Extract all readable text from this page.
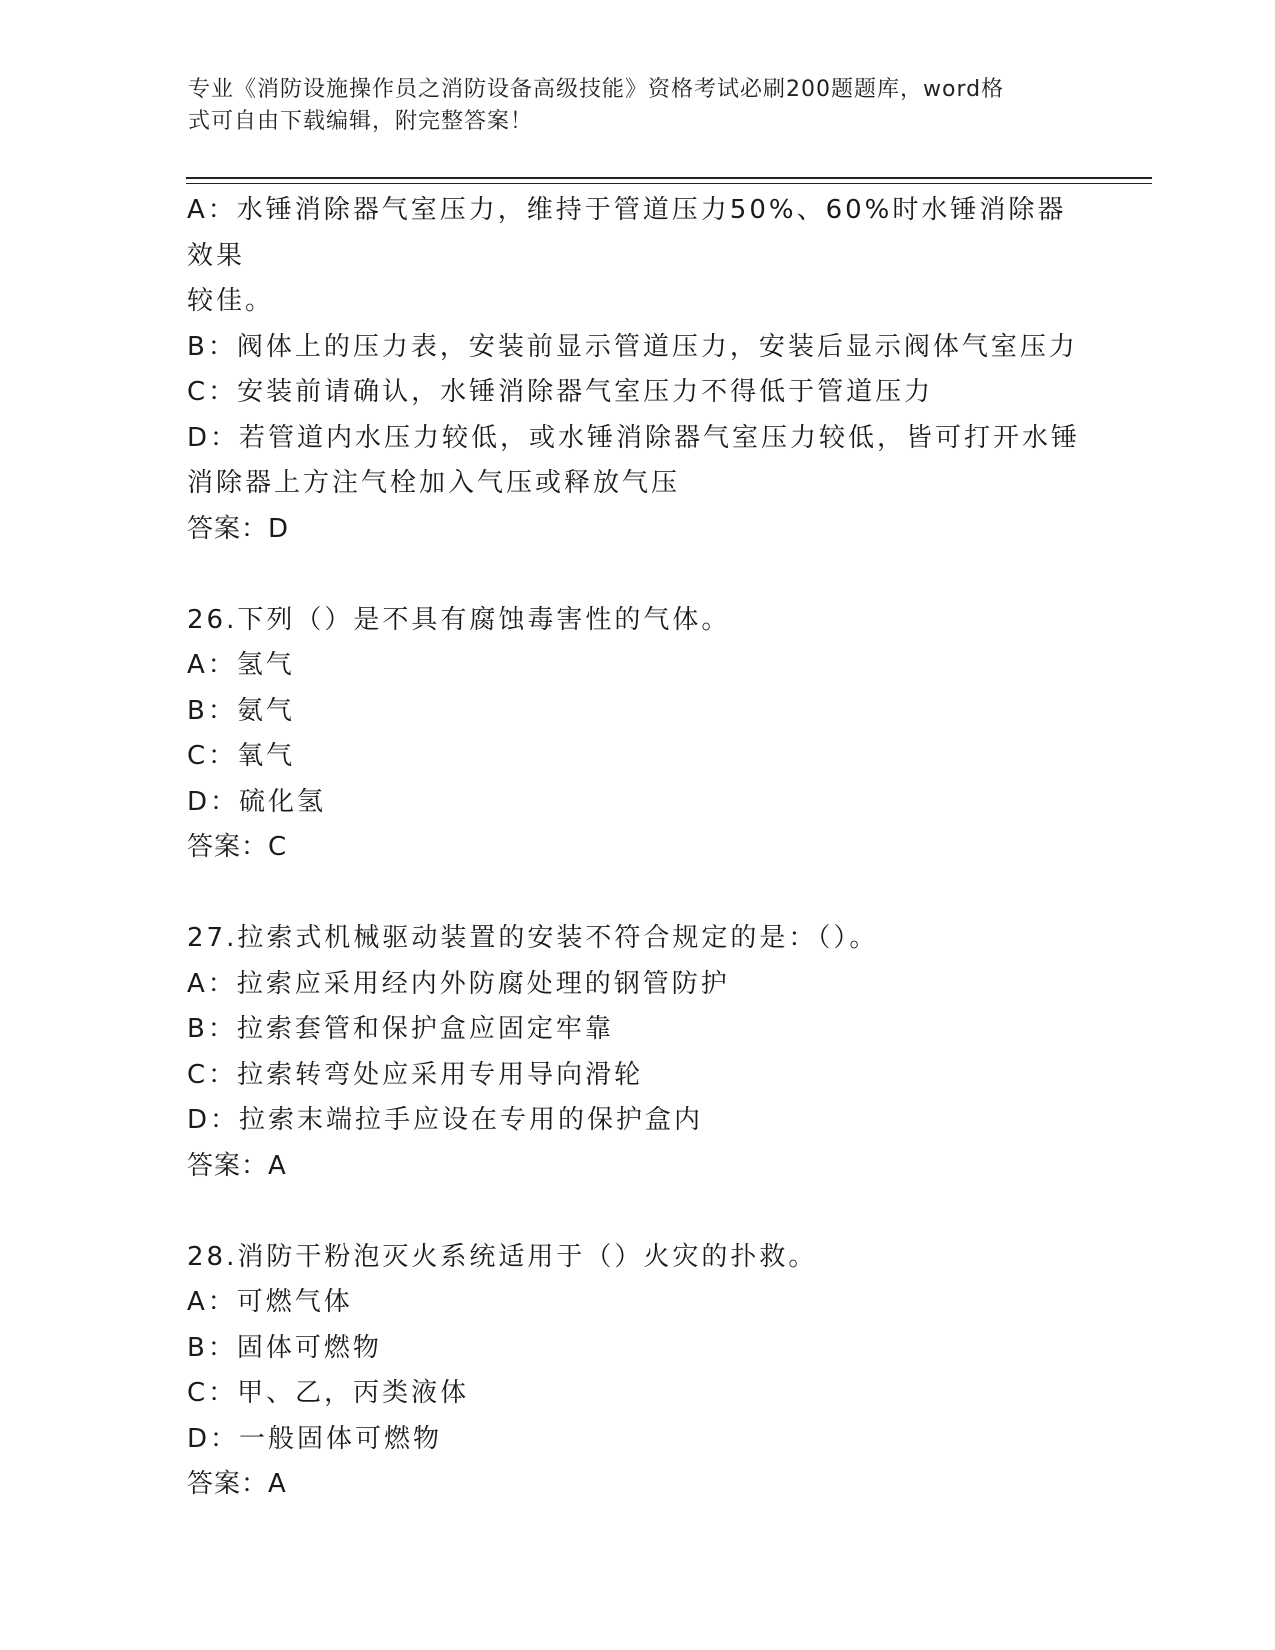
专业《消防设施操作员之消防设备高级技能》资格考试必刷200题题库，word格
式可自由下载编辑，附完整答案！
A：水锤消除器气室压力，维持于管道压力50%、60%时水锤消除器效果
较佳。
B：阀体上的压力表，安装前显示管道压力，安装后显示阀体气室压力
C：安装前请确认，水锤消除器气室压力不得低于管道压力
D：若管道内水压力较低，或水锤消除器气室压力较低，皆可打开水锤
消除器上方注气栓加入气压或释放气压
答案：D
26.下列（）是不具有腐蚀毒害性的气体。
A：氢气
B：氨气
C：氧气
D：硫化氢
答案：C
27.拉索式机械驱动装置的安装不符合规定的是：（）。
A：拉索应采用经内外防腐处理的钢管防护
B：拉索套管和保护盒应固定牢靠
C：拉索转弯处应采用专用导向滑轮
D：拉索末端拉手应设在专用的保护盒内
答案：A
28.消防干粉泡灭火系统适用于（）火灾的扑救。
A：可燃气体
B：固体可燃物
C：甲、乙，丙类液体
D：一般固体可燃物
答案：A
